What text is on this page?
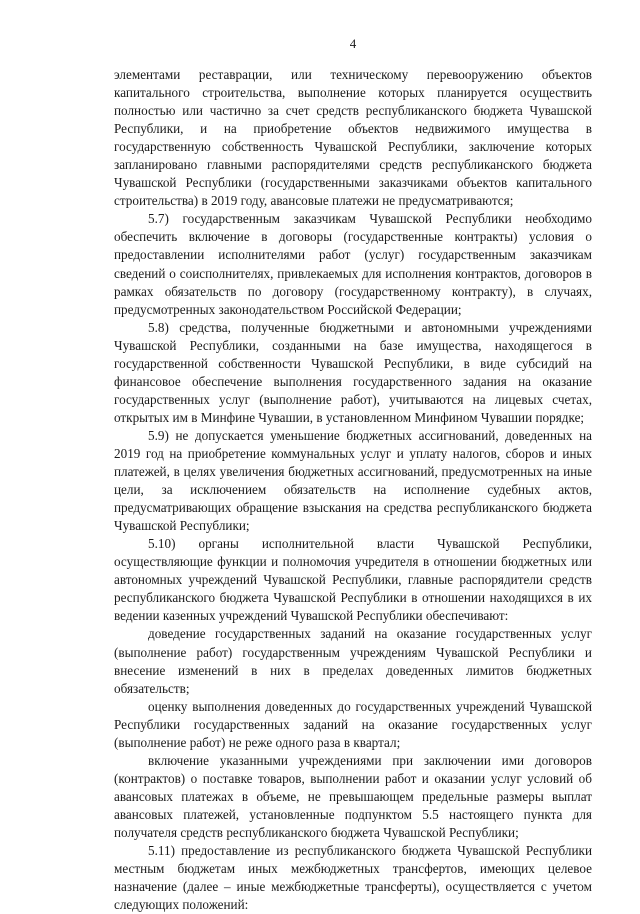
4

элементами реставрации, или техническому перевооружению объектов капитального строительства, выполнение которых планируется осуществить полностью или частично за счет средств республиканского бюджета Чувашской Республики, и на приобретение объектов недвижимого имущества в государственную собственность Чувашской Республики, заключение которых запланировано главными распорядителями средств республиканского бюджета Чувашской Республики (государственными заказчиками объектов капитального строительства) в 2019 году, авансовые платежи не предусматриваются;

5.7) государственным заказчикам Чувашской Республики необходимо обеспечить включение в договоры (государственные контракты) условия о предоставлении исполнителями работ (услуг) государственным заказчикам сведений о соисполнителях, привлекаемых для исполнения контрактов, договоров в рамках обязательств по договору (государственному контракту), в случаях, предусмотренных законодательством Российской Федерации;

5.8) средства, полученные бюджетными и автономными учреждениями Чувашской Республики, созданными на базе имущества, находящегося в государственной собственности Чувашской Республики, в виде субсидий на финансовое обеспечение выполнения государственного задания на оказание государственных услуг (выполнение работ), учитываются на лицевых счетах, открытых им в Минфине Чувашии, в установленном Минфином Чувашии порядке;

5.9) не допускается уменьшение бюджетных ассигнований, доведенных на 2019 год на приобретение коммунальных услуг и уплату налогов, сборов и иных платежей, в целях увеличения бюджетных ассигнований, предусмотренных на иные цели, за исключением обязательств на исполнение судебных актов, предусматривающих обращение взыскания на средства республиканского бюджета Чувашской Республики;

5.10) органы исполнительной власти Чувашской Республики, осуществляющие функции и полномочия учредителя в отношении бюджетных или автономных учреждений Чувашской Республики, главные распорядители средств республиканского бюджета Чувашской Республики в отношении находящихся в их ведении казенных учреждений Чувашской Республики обеспечивают:

доведение государственных заданий на оказание государственных услуг (выполнение работ) государственным учреждениям Чувашской Республики и внесение изменений в них в пределах доведенных лимитов бюджетных обязательств;

оценку выполнения доведенных до государственных учреждений Чувашской Республики государственных заданий на оказание государственных услуг (выполнение работ) не реже одного раза в квартал;

включение указанными учреждениями при заключении ими договоров (контрактов) о поставке товаров, выполнении работ и оказании услуг условий об авансовых платежах в объеме, не превышающем предельные размеры выплат авансовых платежей, установленные подпунктом 5.5 настоящего пункта для получателя средств республиканского бюджета Чувашской Республики;

5.11) предоставление из республиканского бюджета Чувашской Республики местным бюджетам иных межбюджетных трансфертов, имеющих целевое назначение (далее – иные межбюджетные трансферты), осуществляется с учетом следующих положений:
